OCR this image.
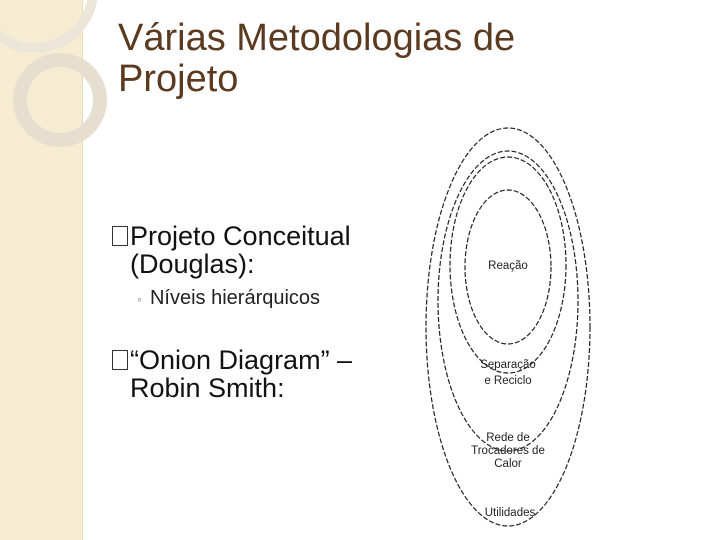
Várias Metodologias de Projeto
Projeto Conceitual
(Douglas):
◦ Níveis hierárquicos
“Onion Diagram” –
Robin Smith:
Reação
Separação
e Reciclo
Rede de
Trocadores de
Calor
Utilidades
